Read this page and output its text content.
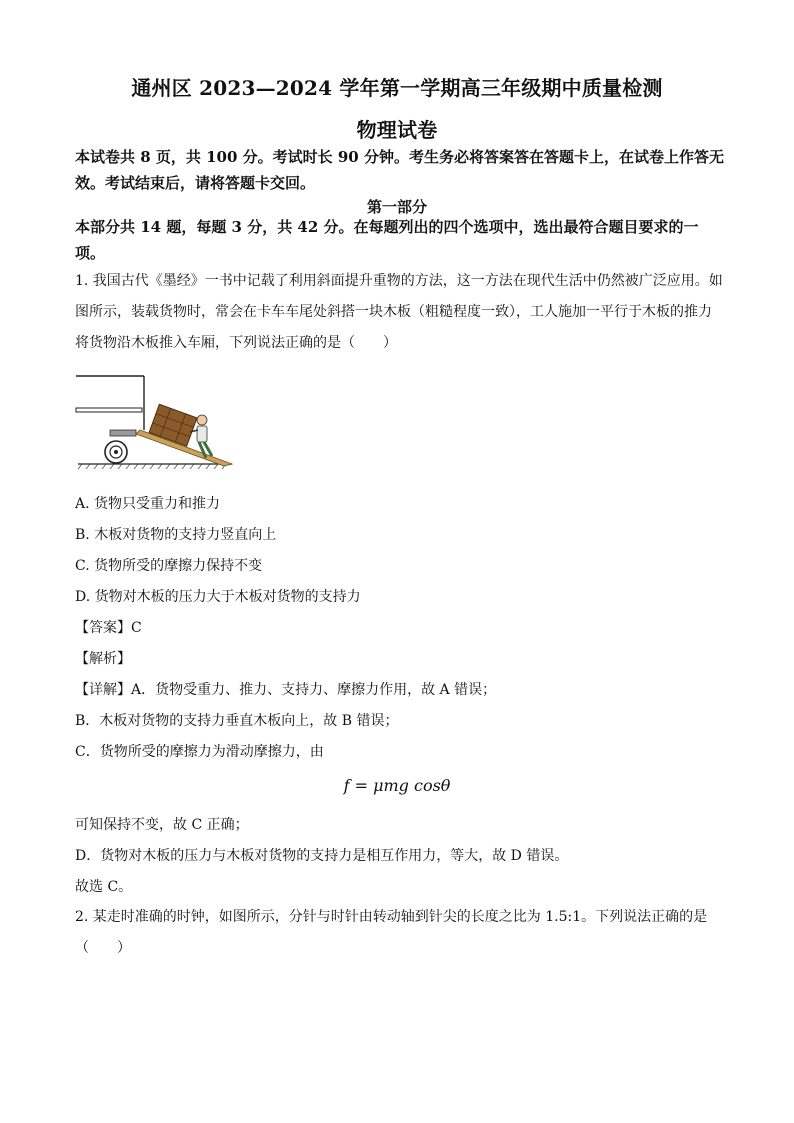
通州区 2023—2024 学年第一学期高三年级期中质量检测
物理试卷
本试卷共 8 页，共 100 分。考试时长 90 分钟。考生务必将答案答在答题卡上，在试卷上作答无效。考试结束后，请将答题卡交回。
第一部分
本部分共 14 题，每题 3 分，共 42 分。在每题列出的四个选项中，选出最符合题目要求的一项。
1. 我国古代《墨经》一书中记载了利用斜面提升重物的方法，这一方法在现代生活中仍然被广泛应用。如图所示，装载货物时，常会在卡车车尾处斜搭一块木板（粗糙程度一致），工人施加一平行于木板的推力将货物沿木板推入车厢，下列说法正确的是（　　）
A. 货物只受重力和推力
B. 木板对货物的支持力竖直向上
C. 货物所受的摩擦力保持不变
D. 货物对木板的压力大于木板对货物的支持力
【答案】C
【解析】
【详解】A．货物受重力、推力、支持力、摩擦力作用，故 A 错误；
B．木板对货物的支持力垂直木板向上，故 B 错误；
C．货物所受的摩擦力为滑动摩擦力，由
f = μmg cosθ
可知保持不变，故 C 正确；
D．货物对木板的压力与木板对货物的支持力是相互作用力，等大，故 D 错误。
故选 C。
2. 某走时准确的时钟，如图所示，分针与时针由转动轴到针尖的长度之比为 1.5:1。下列说法正确的是（　　）
